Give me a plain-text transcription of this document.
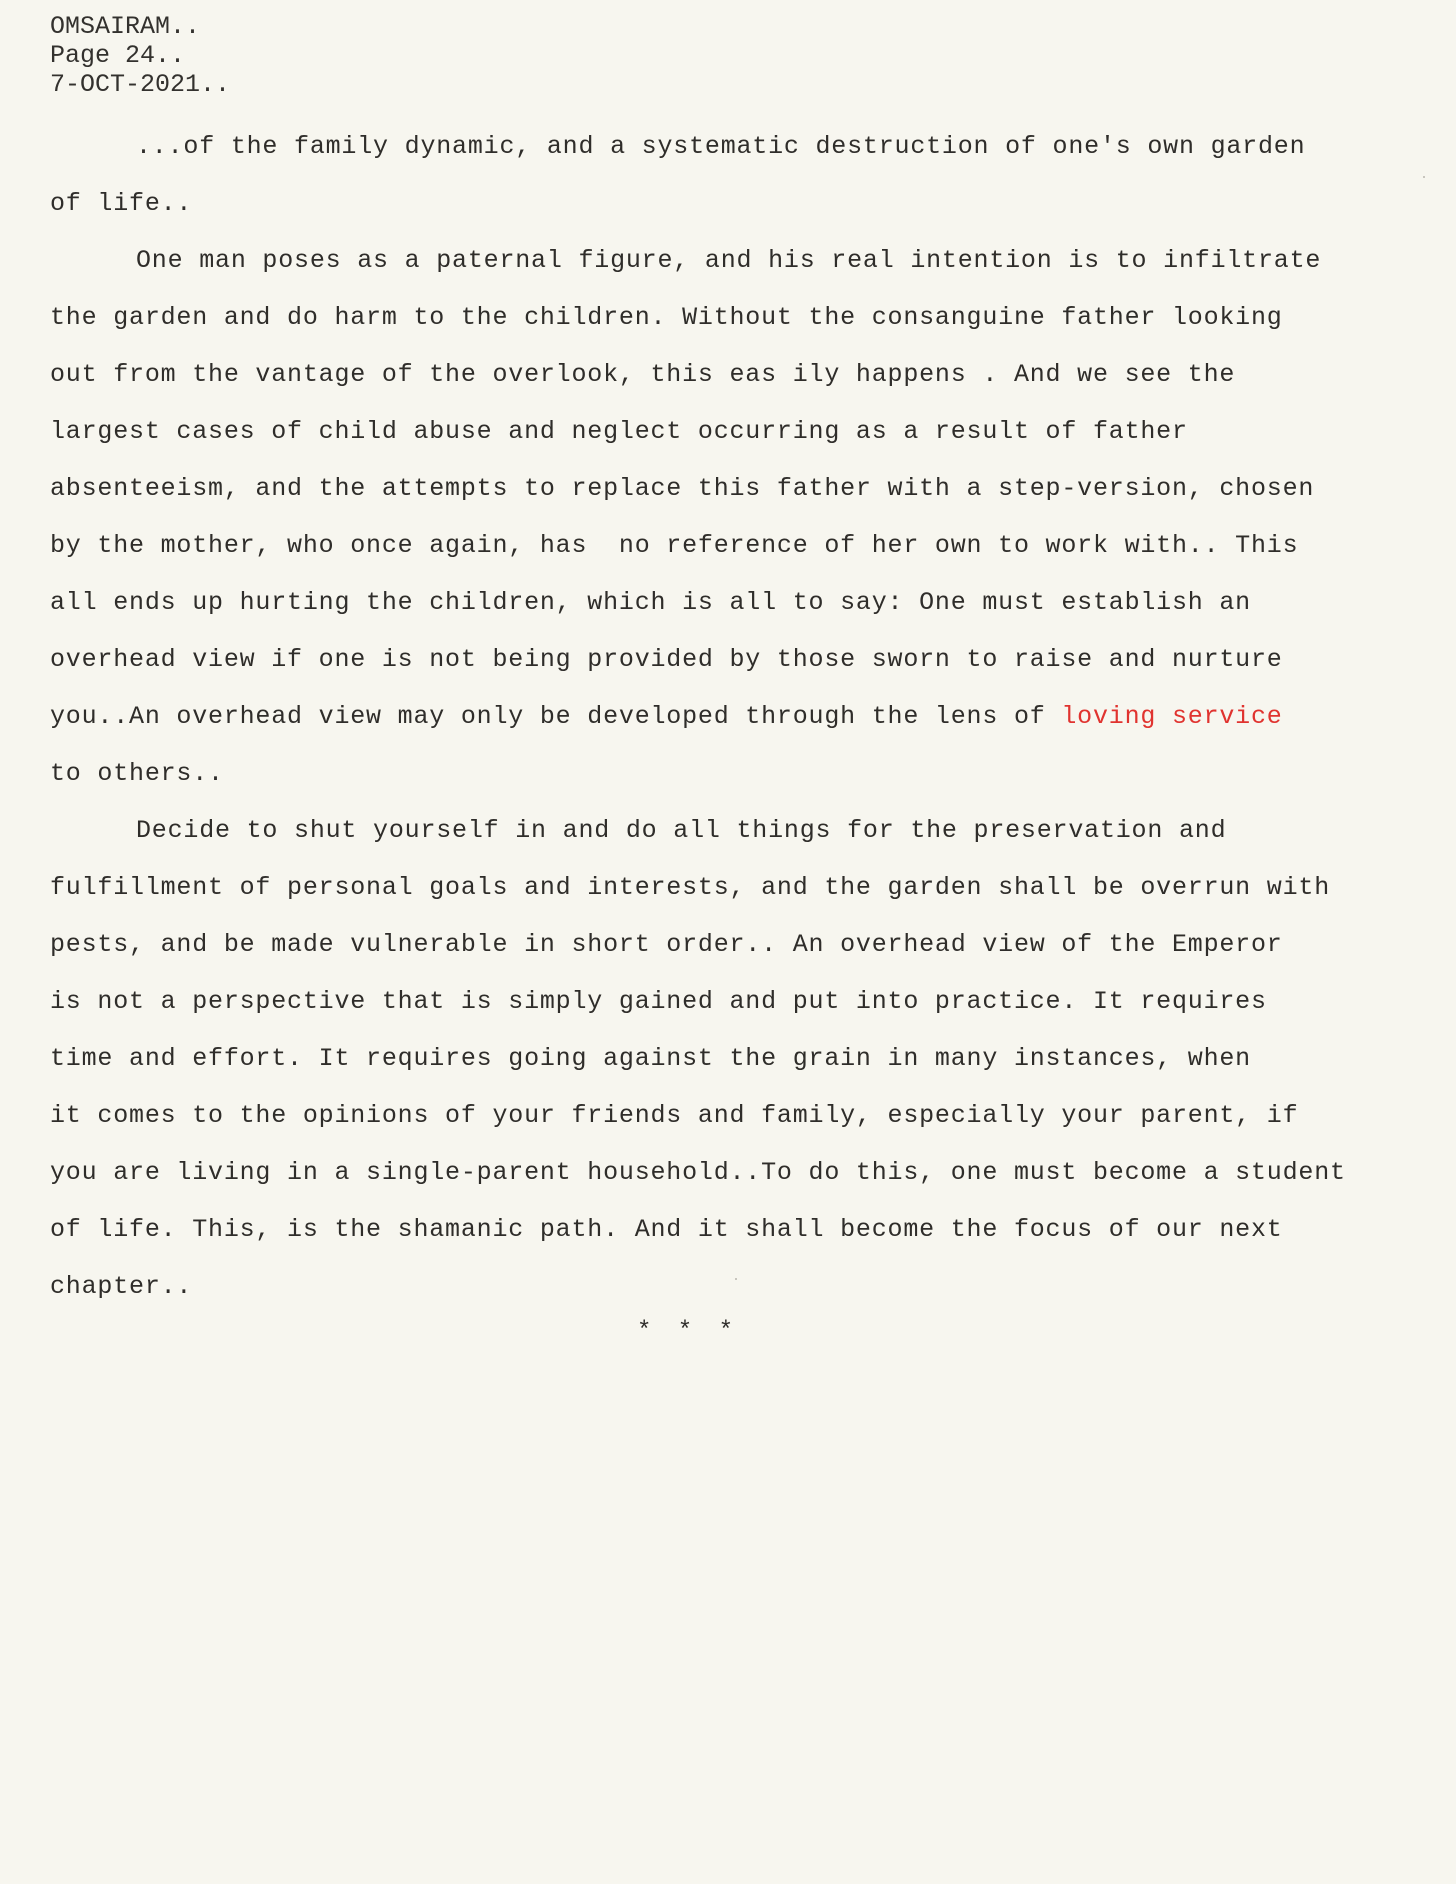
OMSAIRAM..
Page 24..
7-OCT-2021..
...of the family dynamic, and a systematic destruction of one's own garden
of life..
One man poses as a paternal figure, and his real intention is to infiltrate
the garden and do harm to the children. Without the consanguine father looking
out from the vantage of the overlook, this eas ily happens . And we see the
largest cases of child abuse and neglect occurring as a result of father
absenteeism, and the attempts to replace this father with a step-version, chosen
by the mother, who once again, has  no reference of her own to work with.. This
all ends up hurting the children, which is all to say: One must establish an
overhead view if one is not being provided by those sworn to raise and nurture
you..An overhead view may only be developed through the lens of loving service
to others..
Decide to shut yourself in and do all things for the preservation and
fulfillment of personal goals and interests, and the garden shall be overrun with
pests, and be made vulnerable in short order.. An overhead view of the Emperor
is not a perspective that is simply gained and put into practice. It requires
time and effort. It requires going against the grain in many instances, when
it comes to the opinions of your friends and family, especially your parent, if
you are living in a single-parent household..To do this, one must become a student
of life. This, is the shamanic path. And it shall become the focus of our next
chapter..
* * *
